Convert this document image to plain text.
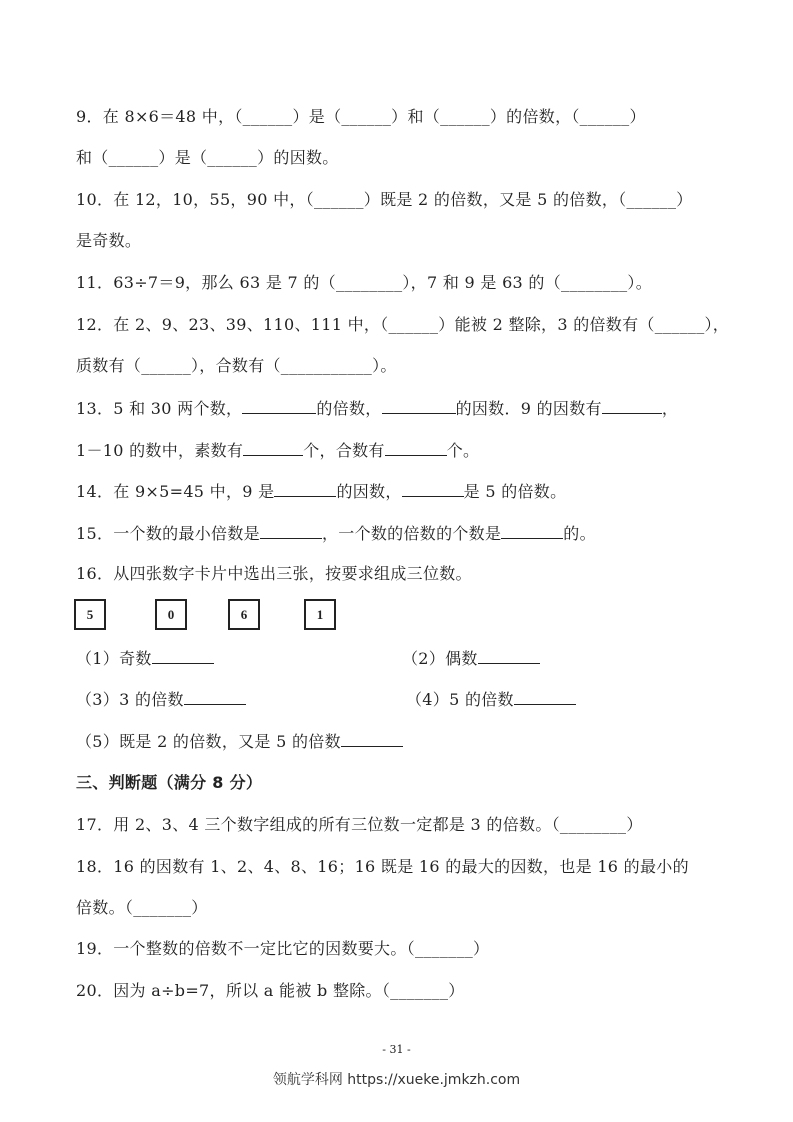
9．在 8×6＝48 中，（______）是（______）和（______）的倍数，（______）
和（______）是（______）的因数。
10．在 12，10，55，90 中，（______）既是 2 的倍数，又是 5 的倍数，（______）
是奇数。
11．63÷7＝9，那么 63 是 7 的（________），7 和 9 是 63 的（________）。
12．在 2、9、23、39、110、111 中，（______）能被 2 整除，3 的倍数有（______），
质数有（______），合数有（___________）。
13．5 和 30 两个数，	的倍数，	的因数．9 的因数有	，
1－10 的数中，素数有	个，合数有	个。
14．在 9×5=45 中，9 是	的因数，	是 5 的倍数。
15．一个数的最小倍数是	，一个数的倍数的个数是	的。
16．从四张数字卡片中选出三张，按要求组成三位数。
5	0	6	1
（1）奇数	（2）偶数
（3）3 的倍数	（4）5 的倍数
（5）既是 2 的倍数，又是 5 的倍数
三、判断题（满分 8 分）
17．用 2、3、4 三个数字组成的所有三位数一定都是 3 的倍数。（________）
18．16 的因数有 1、2、4、8、16；16 既是 16 的最大的因数，也是 16 的最小的
倍数。（_______）
19．一个整数的倍数不一定比它的因数要大。（_______）
20．因为 a÷b=7，所以 a 能被 b 整除。（_______）
- 31 -
领航学科网 https://xueke.jmkzh.com
